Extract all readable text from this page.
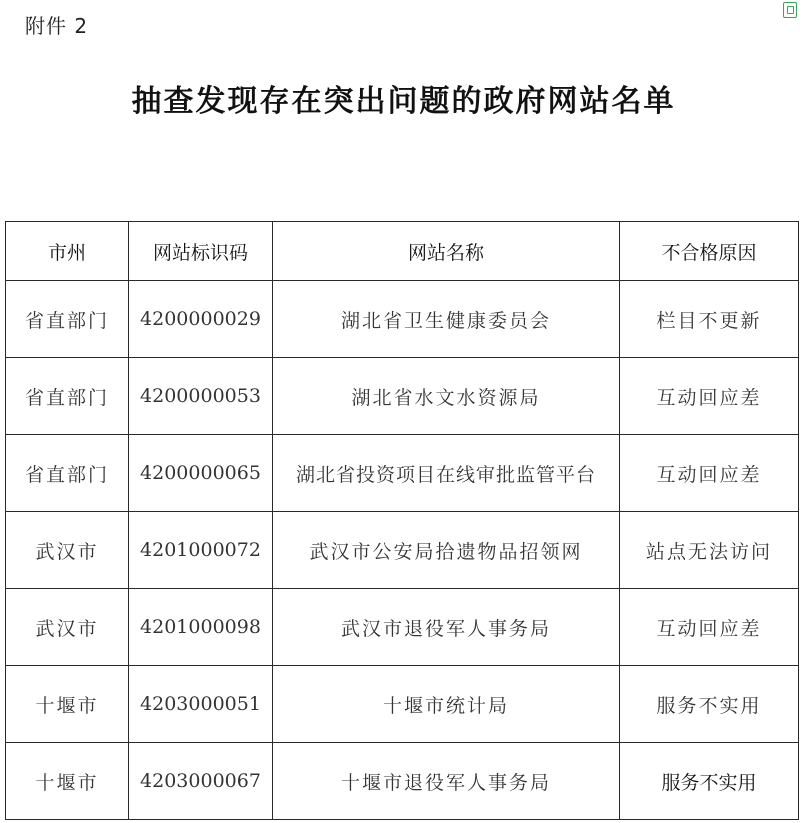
附件 2
抽查发现存在突出问题的政府网站名单
市州	网站标识码	网站名称	不合格原因
省直部门	4200000029	湖北省卫生健康委员会	栏目不更新
省直部门	4200000053	湖北省水文水资源局	互动回应差
省直部门	4200000065	湖北省投资项目在线审批监管平台	互动回应差
武汉市	4201000072	武汉市公安局拾遗物品招领网	站点无法访问
武汉市	4201000098	武汉市退役军人事务局	互动回应差
十堰市	4203000051	十堰市统计局	服务不实用
十堰市	4203000067	十堰市退役军人事务局	服务不实用
